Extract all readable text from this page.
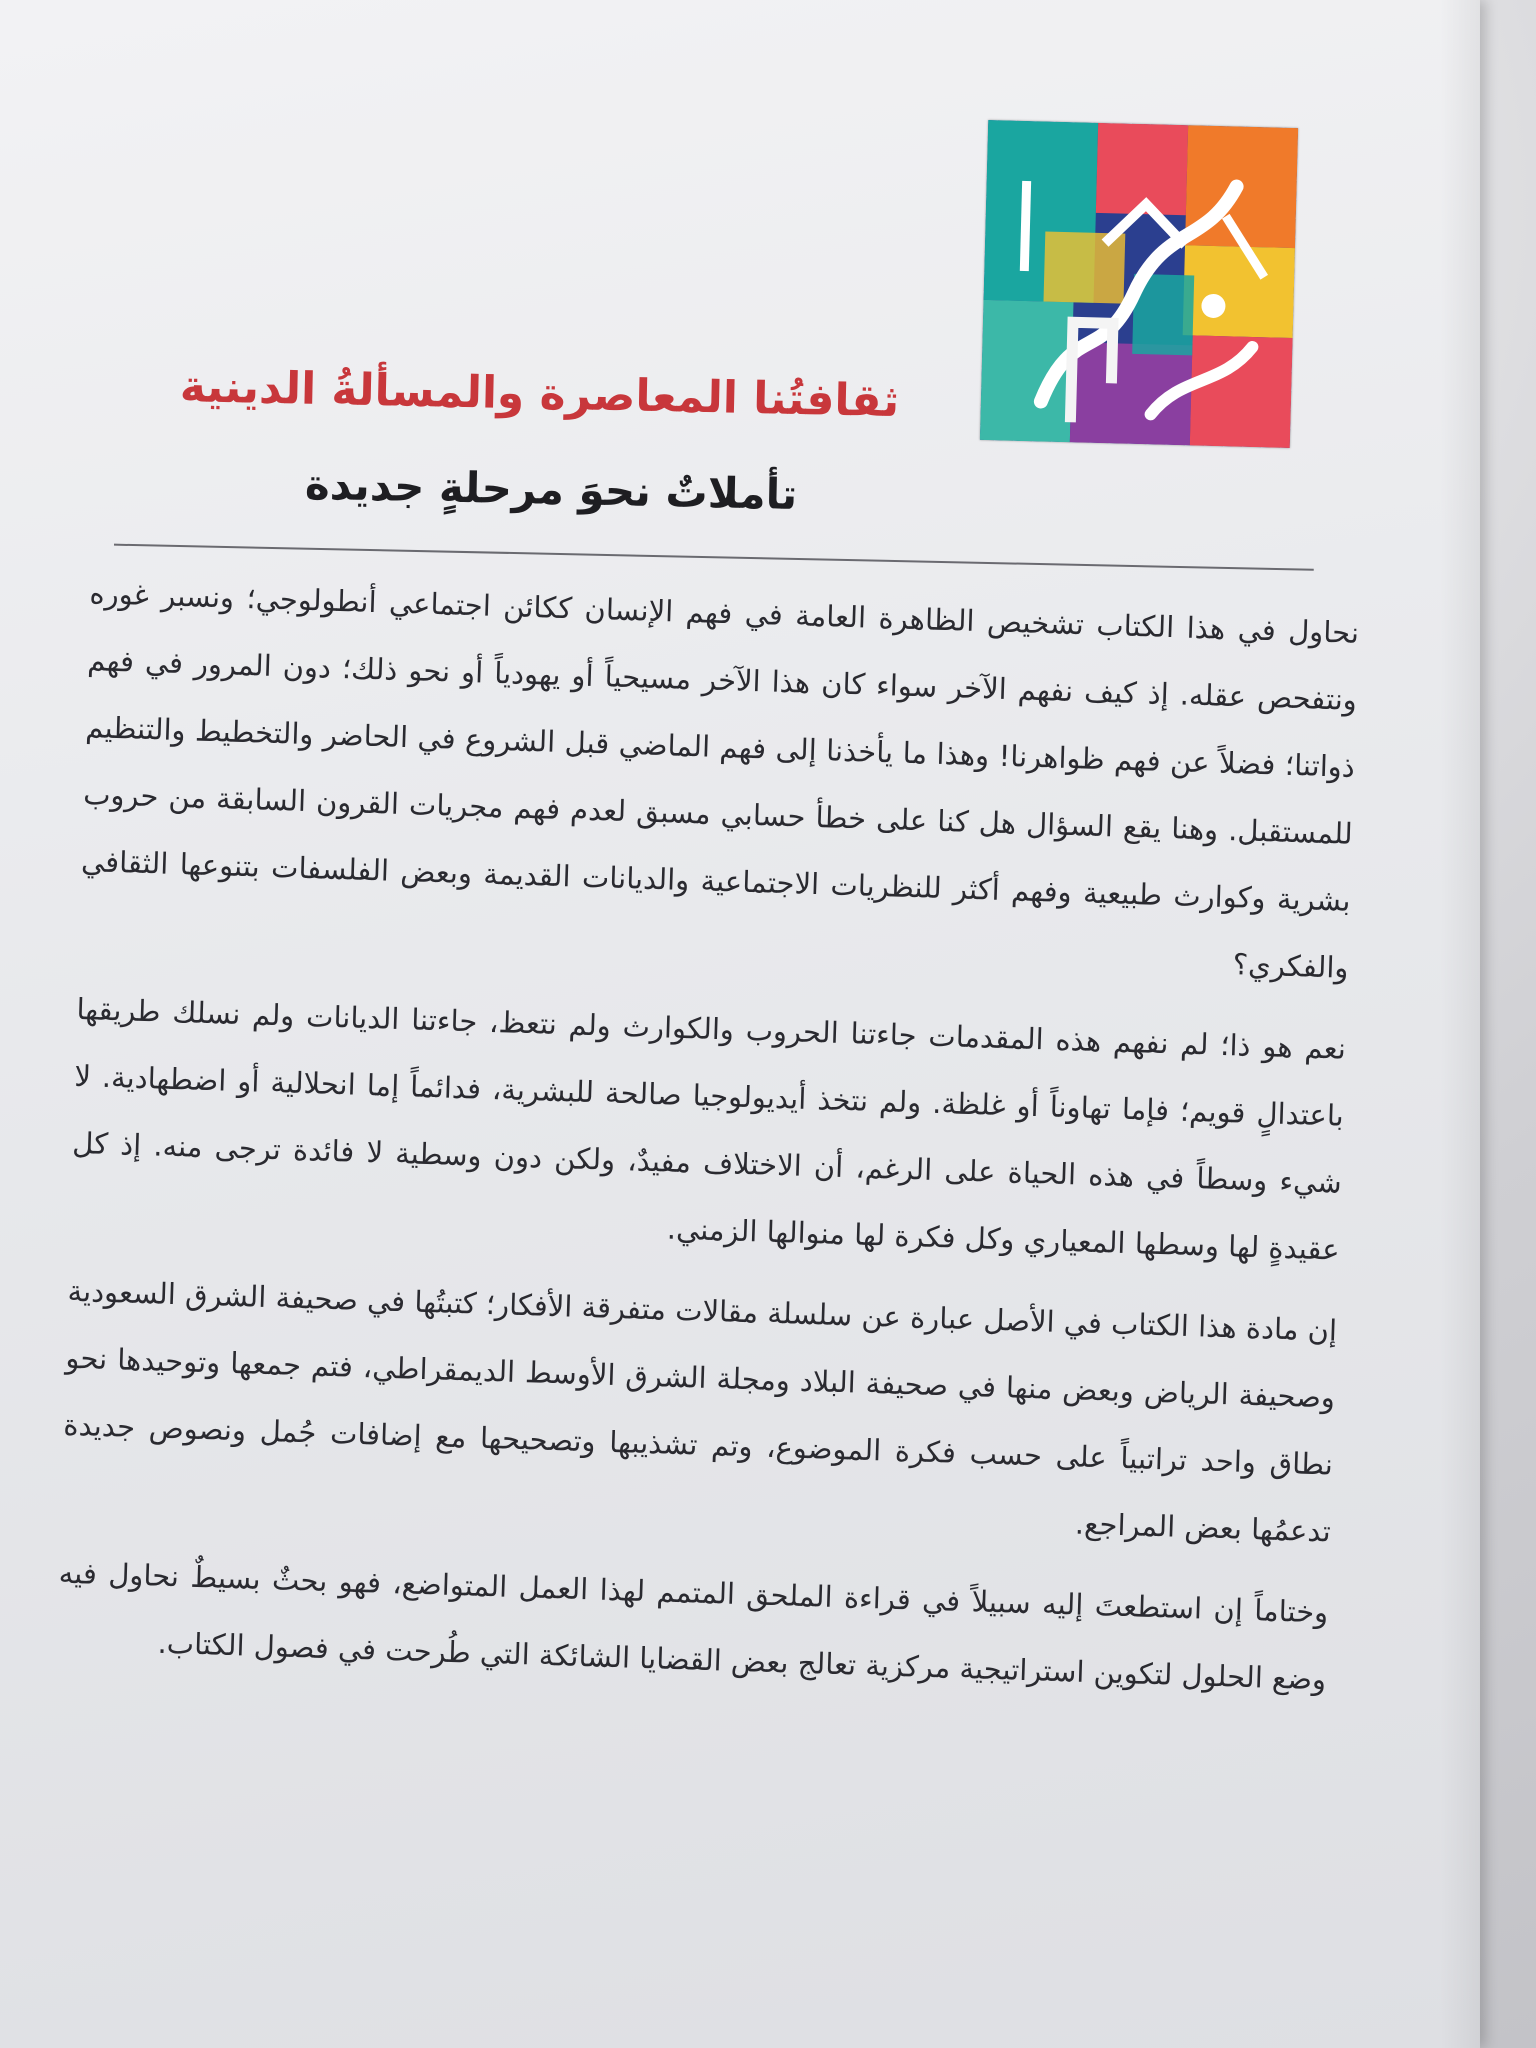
ثقافتُنا المعاصرة والمسألةُ الدينية
تأملاتٌ نحوَ مرحلةٍ جديدة

نحاول في هذا الكتاب تشخيص الظاهرة العامة في فهم الإنسان ككائن اجتماعي أنطولوجي؛ ونسبر غوره ونتفحص عقله. إذ كيف نفهم الآخر سواء كان هذا الآخر مسيحياً أو يهودياً أو نحو ذلك؛ دون المرور في فهم ذواتنا؛ فضلاً عن فهم ظواهرنا! وهذا ما يأخذنا إلى فهم الماضي قبل الشروع في الحاضر والتخطيط والتنظيم للمستقبل. وهنا يقع السؤال هل كنا على خطأ حسابي مسبق لعدم فهم مجريات القرون السابقة من حروب بشرية وكوارث طبيعية وفهم أكثر للنظريات الاجتماعية والديانات القديمة وبعض الفلسفات بتنوعها الثقافي والفكري؟

نعم هو ذا؛ لم نفهم هذه المقدمات جاءتنا الحروب والكوارث ولم نتعظ، جاءتنا الديانات ولم نسلك طريقها باعتدالٍ قويم؛ فإما تهاوناً أو غلظة. ولم نتخذ أيديولوجيا صالحة للبشرية، فدائماً إما انحلالية أو اضطهادية. لا شيء وسطاً في هذه الحياة على الرغم، أن الاختلاف مفيدٌ، ولكن دون وسطية لا فائدة ترجى منه. إذ كل عقيدةٍ لها وسطها المعياري وكل فكرة لها منوالها الزمني.

إن مادة هذا الكتاب في الأصل عبارة عن سلسلة مقالات متفرقة الأفكار؛ كتبتُها في صحيفة الشرق السعودية وصحيفة الرياض وبعض منها في صحيفة البلاد ومجلة الشرق الأوسط الديمقراطي، فتم جمعها وتوحيدها نحو نطاق واحد تراتبياً على حسب فكرة الموضوع، وتم تشذيبها وتصحيحها مع إضافات جُمل ونصوص جديدة تدعمُها بعض المراجع.

وختاماً إن استطعتَ إليه سبيلاً في قراءة الملحق المتمم لهذا العمل المتواضع، فهو بحثٌ بسيطٌ نحاول فيه وضع الحلول لتكوين استراتيجية مركزية تعالج بعض القضايا الشائكة التي طُرحت في فصول الكتاب.
